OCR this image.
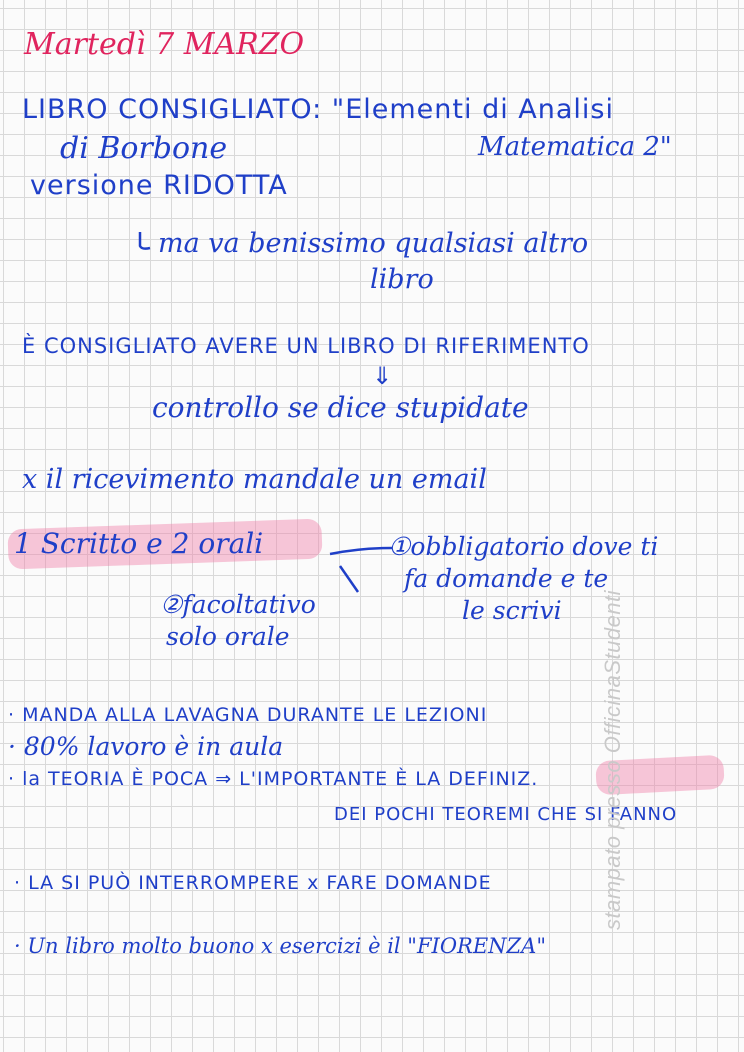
Martedì 7 MARZO
LIBRO CONSIGLIATO: "Elementi di Analisi
di Borbone	Matematica 2"
versione RIDOTTA
ma va benissimo qualsiasi altro
libro
È CONSIGLIATO AVERE UN LIBRO DI RIFERIMENTO
⇓
controllo se dice stupidate
x il ricevimento mandale un email
1 Scritto e 2 orali	①obbligatorio dove ti
fa domande e te
le scrivi
②facoltativo
solo orale
· MANDA ALLA LAVAGNA DURANTE LE LEZIONI
· 80% lavoro è in aula
· la TEORIA È POCA ⇒ L'IMPORTANTE È LA DEFINIZ.
DEI POCHI TEOREMI CHE SI FANNO
· LA SI PUÒ INTERROMPERE x FARE DOMANDE
· Un libro molto buono x esercizi è il "FIORENZA"
stampato presso OfficinaStudenti
